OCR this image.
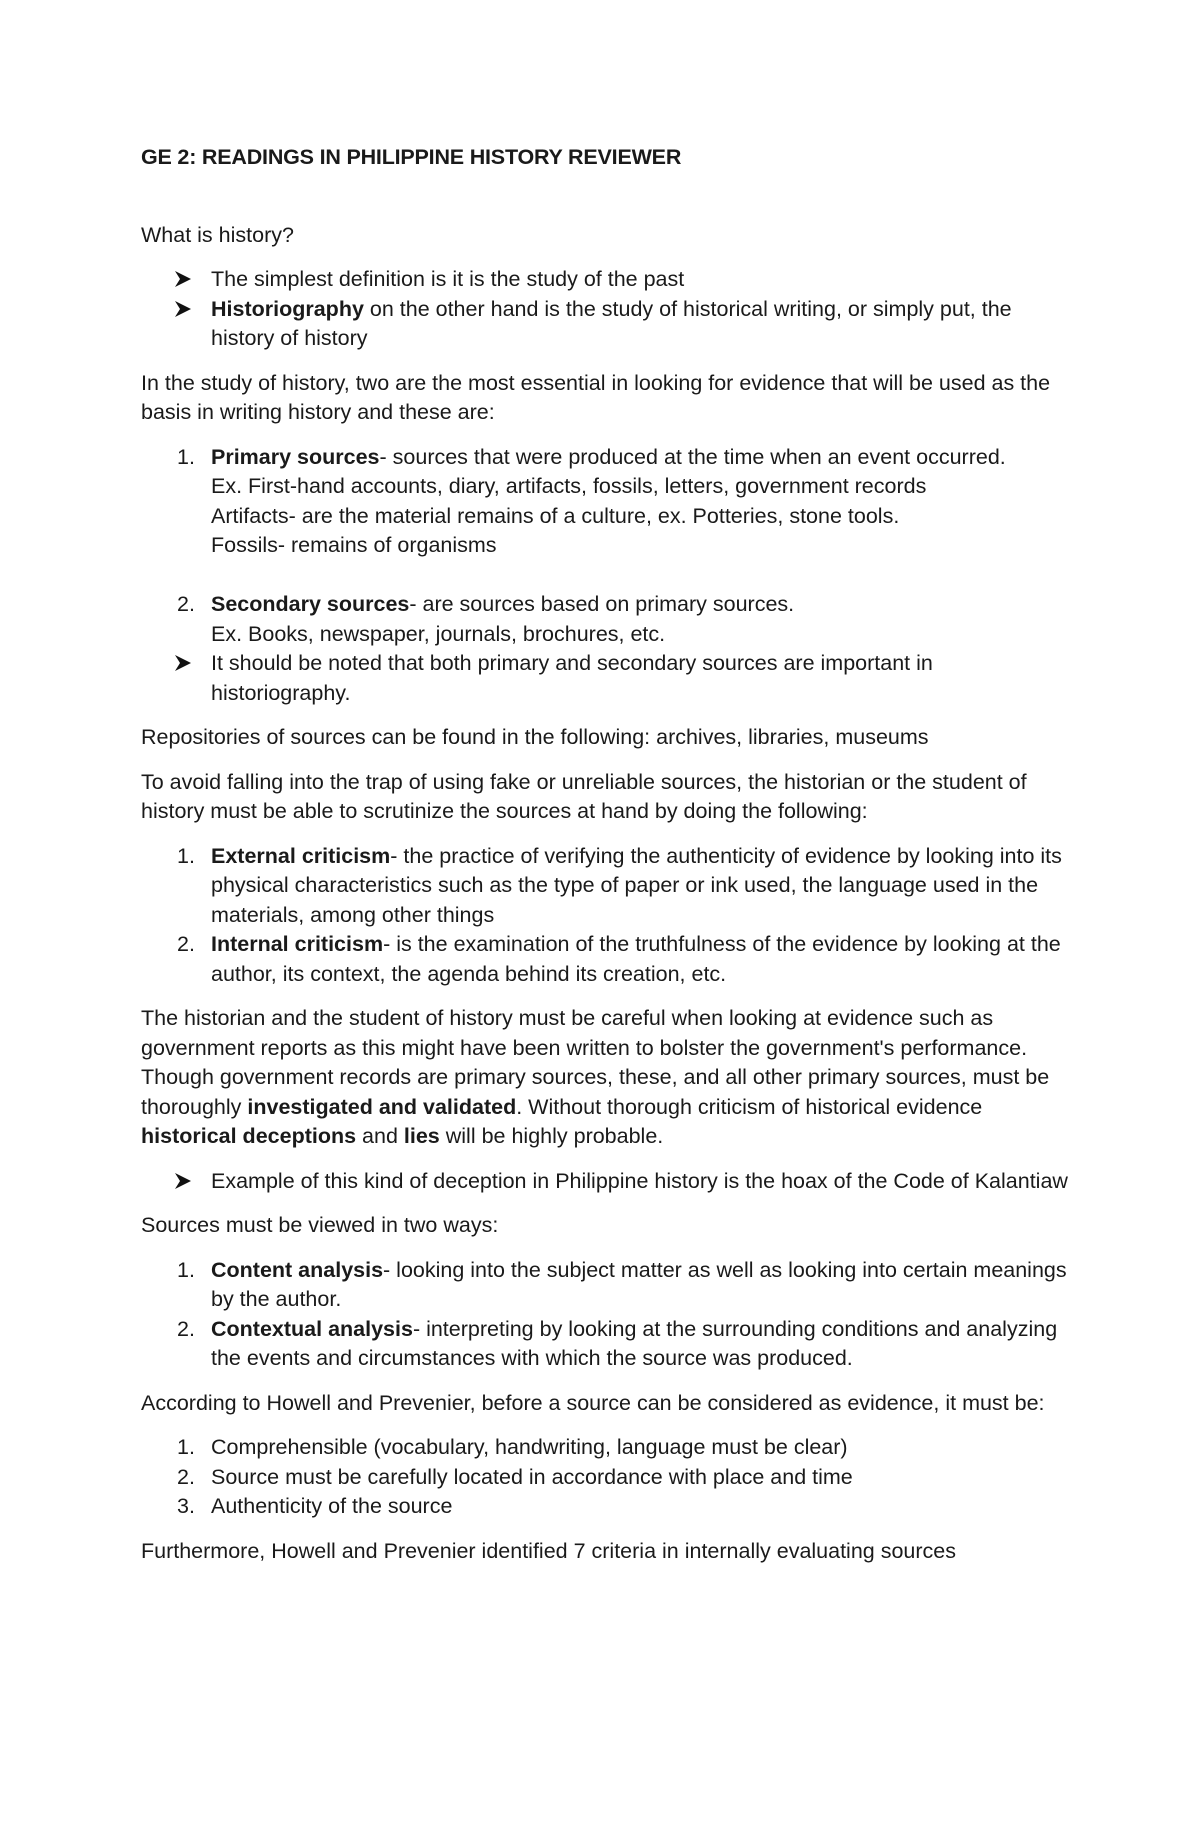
GE 2: READINGS IN PHILIPPINE HISTORY REVIEWER

What is history?

The simplest definition is it is the study of the past
Historiography on the other hand is the study of historical writing, or simply put, the history of history

In the study of history, two are the most essential in looking for evidence that will be used as the basis in writing history and these are:

1. Primary sources- sources that were produced at the time when an event occurred.
Ex. First-hand accounts, diary, artifacts, fossils, letters, government records
Artifacts- are the material remains of a culture, ex. Potteries, stone tools.
Fossils- remains of organisms
2. Secondary sources- are sources based on primary sources.
Ex. Books, newspaper, journals, brochures, etc.
It should be noted that both primary and secondary sources are important in historiography.

Repositories of sources can be found in the following: archives, libraries, museums

To avoid falling into the trap of using fake or unreliable sources, the historian or the student of history must be able to scrutinize the sources at hand by doing the following:

1. External criticism- the practice of verifying the authenticity of evidence by looking into its physical characteristics such as the type of paper or ink used, the language used in the materials, among other things
2. Internal criticism- is the examination of the truthfulness of the evidence by looking at the author, its context, the agenda behind its creation, etc.

The historian and the student of history must be careful when looking at evidence such as government reports as this might have been written to bolster the government's performance. Though government records are primary sources, these, and all other primary sources, must be thoroughly investigated and validated. Without thorough criticism of historical evidence historical deceptions and lies will be highly probable.

Example of this kind of deception in Philippine history is the hoax of the Code of Kalantiaw

Sources must be viewed in two ways:

1. Content analysis- looking into the subject matter as well as looking into certain meanings by the author.
2. Contextual analysis- interpreting by looking at the surrounding conditions and analyzing the events and circumstances with which the source was produced.

According to Howell and Prevenier, before a source can be considered as evidence, it must be:

1. Comprehensible (vocabulary, handwriting, language must be clear)
2. Source must be carefully located in accordance with place and time
3. Authenticity of the source

Furthermore, Howell and Prevenier identified 7 criteria in internally evaluating sources
